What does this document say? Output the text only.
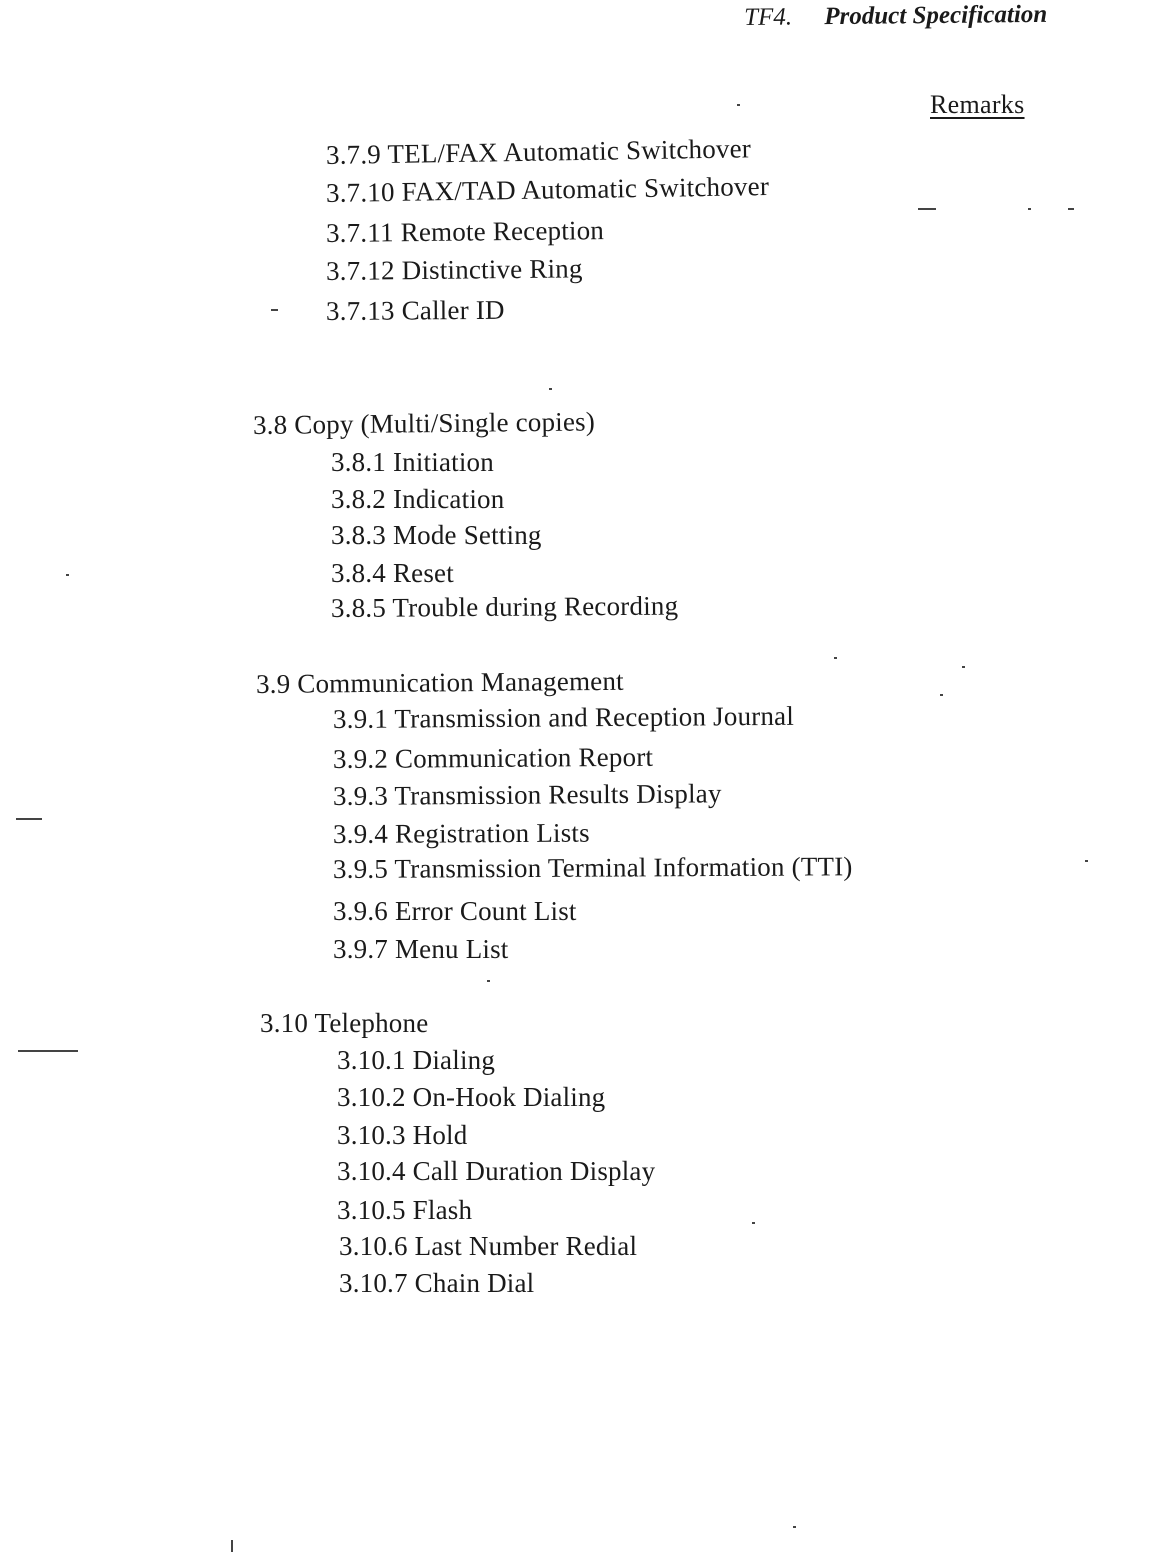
TF4. Product Specification
Remarks
3.7.9 TEL/FAX Automatic Switchover
3.7.10 FAX/TAD Automatic Switchover
3.7.11 Remote Reception
3.7.12 Distinctive Ring
3.7.13 Caller ID
3.8 Copy (Multi/Single copies)
3.8.1 Initiation
3.8.2 Indication
3.8.3 Mode Setting
3.8.4 Reset
3.8.5 Trouble during Recording
3.9 Communication Management
3.9.1 Transmission and Reception Journal
3.9.2 Communication Report
3.9.3 Transmission Results Display
3.9.4 Registration Lists
3.9.5 Transmission Terminal Information (TTI)
3.9.6 Error Count List
3.9.7 Menu List
3.10 Telephone
3.10.1 Dialing
3.10.2 On-Hook Dialing
3.10.3 Hold
3.10.4 Call Duration Display
3.10.5 Flash
3.10.6 Last Number Redial
3.10.7 Chain Dial
